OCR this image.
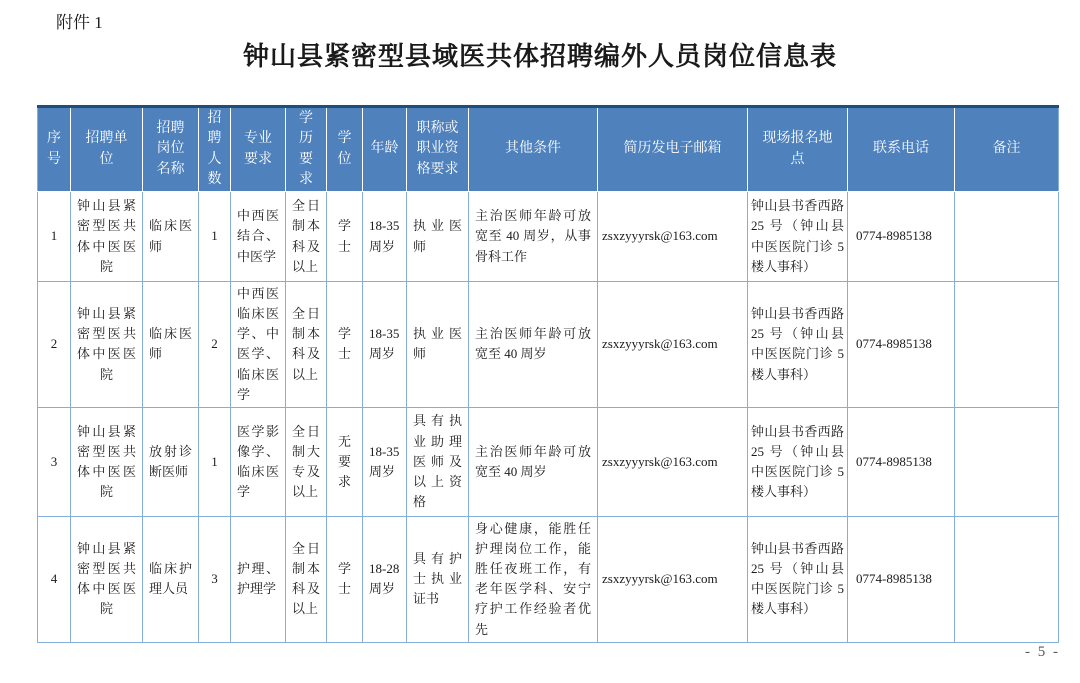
附件 1
钟山县紧密型县域医共体招聘编外人员岗位信息表
序号	招聘单位	招聘岗位名称	招聘人数	专业要求	学历要求	学位	年龄	职称或职业资格要求	其他条件	简历发电子邮箱	现场报名地点	联系电话	备注
1	钟山县紧密型医共体中医医院	临床医师	1	中西医结合、中医学	全日制本科及以上	学士	18-35 周岁	执业医师	主治医师年龄可放宽至 40 周岁，从事骨科工作	zsxzyyyrsk@163.com	钟山县书香西路 25 号（钟山县中医医院门诊 5 楼人事科）	0774-8985138	
2	钟山县紧密型医共体中医医院	临床医师	2	中西医临床医学、中医学、临床医学	全日制本科及以上	学士	18-35 周岁	执业医师	主治医师年龄可放宽至 40 周岁	zsxzyyyrsk@163.com	钟山县书香西路 25 号（钟山县中医医院门诊 5 楼人事科）	0774-8985138	
3	钟山县紧密型医共体中医医院	放射诊断医师	1	医学影像学、临床医学	全日制大专及以上	无要求	18-35 周岁	具有执业助理医师及以上资格	主治医师年龄可放宽至 40 周岁	zsxzyyyrsk@163.com	钟山县书香西路 25 号（钟山县中医医院门诊 5 楼人事科）	0774-8985138	
4	钟山县紧密型医共体中医医院	临床护理人员	3	护理、护理学	全日制本科及以上	学士	18-28 周岁	具有护士执业证书	身心健康，能胜任护理岗位工作，能胜任夜班工作，有老年医学科、安宁疗护工作经验者优先	zsxzyyyrsk@163.com	钟山县书香西路 25 号（钟山县中医医院门诊 5 楼人事科）	0774-8985138	
- 5 -
